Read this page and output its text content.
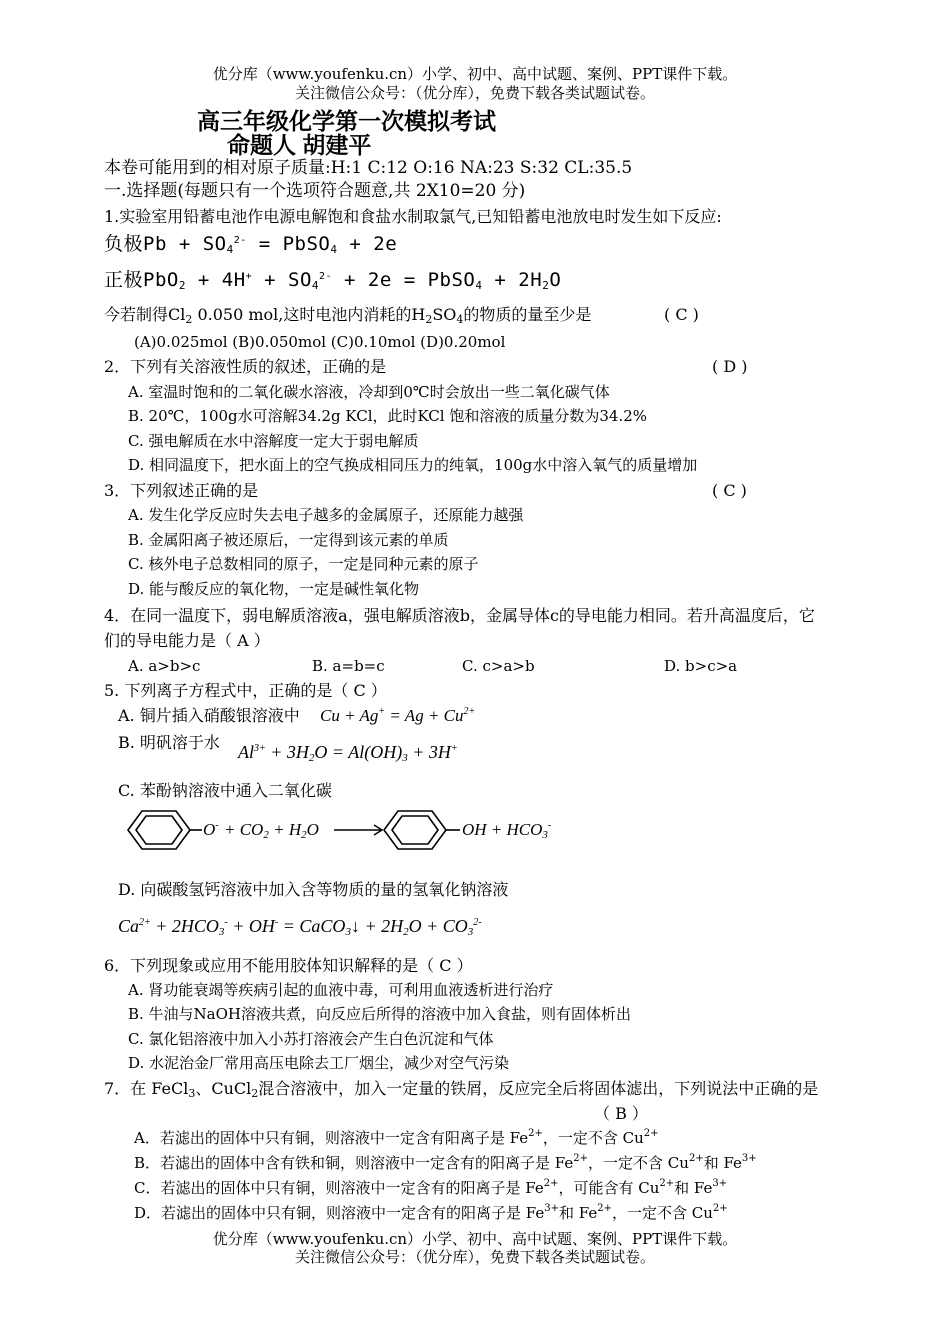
优分库（www.youfenku.cn）小学、初中、高中试题、案例、PPT课件下载。
关注微信公众号：（优分库），免费下载各类试题试卷。
高三年级化学第一次模拟考试
命题人 胡建平
本卷可能用到的相对原子质量:H:1 C:12 O:16 NA:23 S:32 CL:35.5
一.选择题(每题只有一个选项符合题意,共 2X10=20 分)
1.实验室用铅蓄电池作电源电解饱和食盐水制取氯气,已知铅蓄电池放电时发生如下反应:
负极$Pb + SO_4^{2-}$ = PbSO$_4$ + 2e
正极$PbO_2 + 4H^+ + SO_4^{2-} + 2e$ = PbSO$_4$ + $2H_2O$
今若制得$Cl_2$ 0.050 mol,这时电池内消耗的$H_2SO_4$的物质的量至少是	( C )
(A)0.025mol (B)0.050mol (C)0.10mol (D)0.20mol
2．下列有关溶液性质的叙述，正确的是	( D )
A. 室温时饱和的二氧化碳水溶液，冷却到0℃时会放出一些二氧化碳气体
B. 20℃，100g水可溶解34.2g KCl，此时KCl 饱和溶液的质量分数为34.2%
C. 强电解质在水中溶解度一定大于弱电解质
D. 相同温度下，把水面上的空气换成相同压力的纯氧，100g水中溶入氧气的质量增加
3．下列叙述正确的是	( C )
A. 发生化学反应时失去电子越多的金属原子，还原能力越强
B. 金属阳离子被还原后，一定得到该元素的单质
C. 核外电子总数相同的原子，一定是同种元素的原子
D. 能与酸反应的氧化物，一定是碱性氧化物
4．在同一温度下，弱电解质溶液a，强电解质溶液b，金属导体c的导电能力相同。若升高温度后，它
们的导电能力是（ A ）
A. a>b>c	B. a=b=c	C. c>a>b	D. b>c>a
5. 下列离子方程式中，正确的是（ C ）
A. 铜片插入硝酸银溶液中 $Cu + Ag^+ = Ag + Cu^{2+}$
B. 明矾溶于水 $Al^{3+} + 3H_2O = Al(OH)_3 + 3H^+$
C. 苯酚钠溶液中通入二氧化碳
$O^- + CO_2 + H_2O$	OH + $HCO_3^-$
D. 向碳酸氢钙溶液中加入含等物质的量的氢氧化钠溶液
$Ca^{2+} + 2HCO_3^- + OH^-$ = CaCO$_3$↓ + $2H_2O + CO_3^{2-}$
6．下列现象或应用不能用胶体知识解释的是（ C ）
A. 肾功能衰竭等疾病引起的血液中毒，可利用血液透析进行治疗
B. 牛油与NaOH溶液共煮，向反应后所得的溶液中加入食盐，则有固体析出
C. 氯化铝溶液中加入小苏打溶液会产生白色沉淀和气体
D. 水泥治金厂常用高压电除去工厂烟尘，减少对空气污染
7．在 FeCl$_3$、CuCl$_2$混合溶液中，加入一定量的铁屑，反应完全后将固体滤出，下列说法中正确的是
（ B ）
A．若滤出的固体中只有铜，则溶液中一定含有阳离子是 $Fe^{2+}$，一定不含 $Cu^{2+}$
B．若滤出的固体中含有铁和铜，则溶液中一定含有的阳离子是 $Fe^{2+}$，一定不含 $Cu^{2+}$和 $Fe^{3+}$
C．若滤出的固体中只有铜，则溶液中一定含有的阳离子是 $Fe^{2+}$，可能含有 $Cu^{2+}$和 $Fe^{3+}$
D．若滤出的固体中只有铜，则溶液中一定含有的阳离子是 $Fe^{3+}$和 $Fe^{2+}$，一定不含 $Cu^{2+}$
优分库（www.youfenku.cn）小学、初中、高中试题、案例、PPT课件下载。
关注微信公众号：（优分库），免费下载各类试题试卷。
